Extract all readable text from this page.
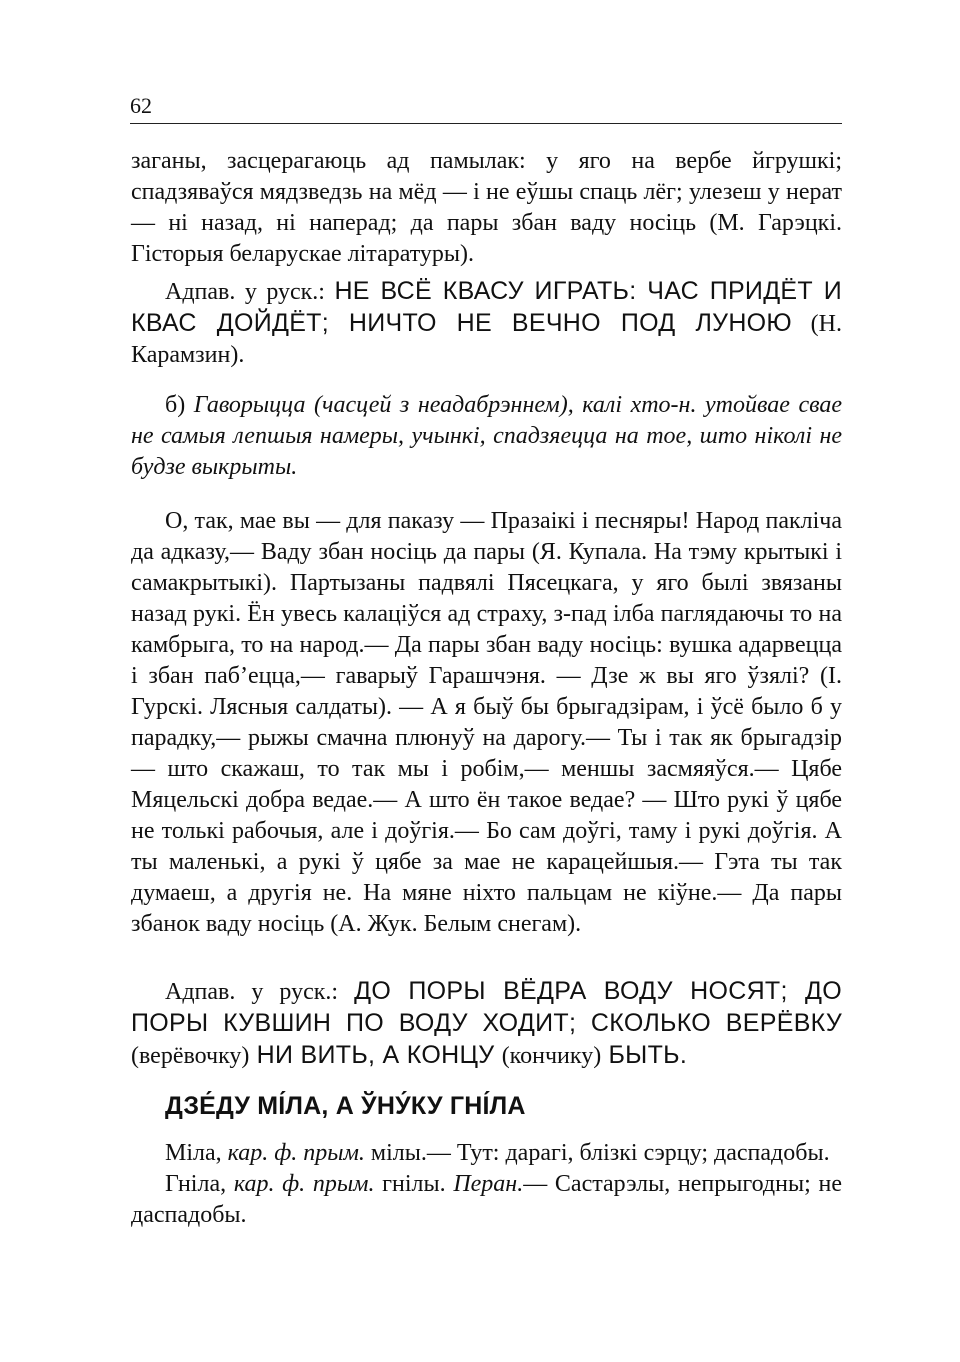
62

заганы, засцерагаюць ад памылак: у яго на вербе йгрушкі; спадзяваўся мядзведзь на мёд — і не еўшы спаць лёг; улезеш у нерат — ні назад, ні наперад; да пары збан ваду носіць (М. Гарэцкі. Гісторыя беларускае літаратуры).

Адпав. у руск.: НЕ ВСЁ КВАСУ ИГРАТЬ: ЧАС ПРИДЁТ И КВАС ДОЙДЁТ; НИЧТО НЕ ВЕЧНО ПОД ЛУНОЮ (Н. Карамзин).

б) Гаворыцца (часцей з неадабрэннем), калі хто-н. утойвае свае не самыя лепшыя намеры, учынкі, спадзяецца на тое, што ніколі не будзе выкрыты.

О, так, мае вы — для паказу — Празаікі і песняры! Народ пакліча да адказу,— Ваду збан носіць да пары (Я. Купала. На тэму крытыкі і самакрытыкі). Партызаны падвялі Пясецкага, у яго былі звязаны назад рукі. Ён увесь калаціўся ад страху, з-пад ілба паглядаючы то на камбрыга, то на народ.— Да пары збан ваду носіць: вушка адарвецца і збан паб’ецца,— гаварыў Гарашчэня. — Дзе ж вы яго ўзялі? (І. Гурскі. Лясныя салдаты). — А я быў бы брыгадзірам, і ўсё было б у парадку,— рыжы смачна плюнуў на дарогу.— Ты і так як брыгадзір — што скажаш, то так мы і робім,— меншы засмяяўся.— Цябе Мяцельскі добра ведае.— А што ён такое ведае? — Што рукі ў цябе не толькі рабочыя, але і доўгія.— Бо сам доўгі, таму і рукі доўгія. А ты маленькі, а рукі ў цябе за мае не карацейшыя.— Гэта ты так думаеш, а другія не. На мяне ніхто пальцам не кіўне.— Да пары збанок ваду носіць (А. Жук. Белым снегам).

Адпав. у руск.: ДО ПОРЫ ВЁДРА ВОДУ НОСЯТ; ДО ПОРЫ КУВШИН ПО ВОДУ ХОДИТ; СКОЛЬКО ВЕРЁВКУ (верёвочку) НИ ВИТЬ, А КОНЦУ (кончику) БЫТЬ.

ДЗЕ́ДУ МІ́ЛА, А ЎНУ́КУ ГНІ́ЛА

Міла, кар. ф. прым. мілы.— Тут: дарагі, блізкі сэрцу; даспадобы.

Гніла, кар. ф. прым. гнілы. Перан.— Састарэлы, непрыгодны; не даспадобы.
